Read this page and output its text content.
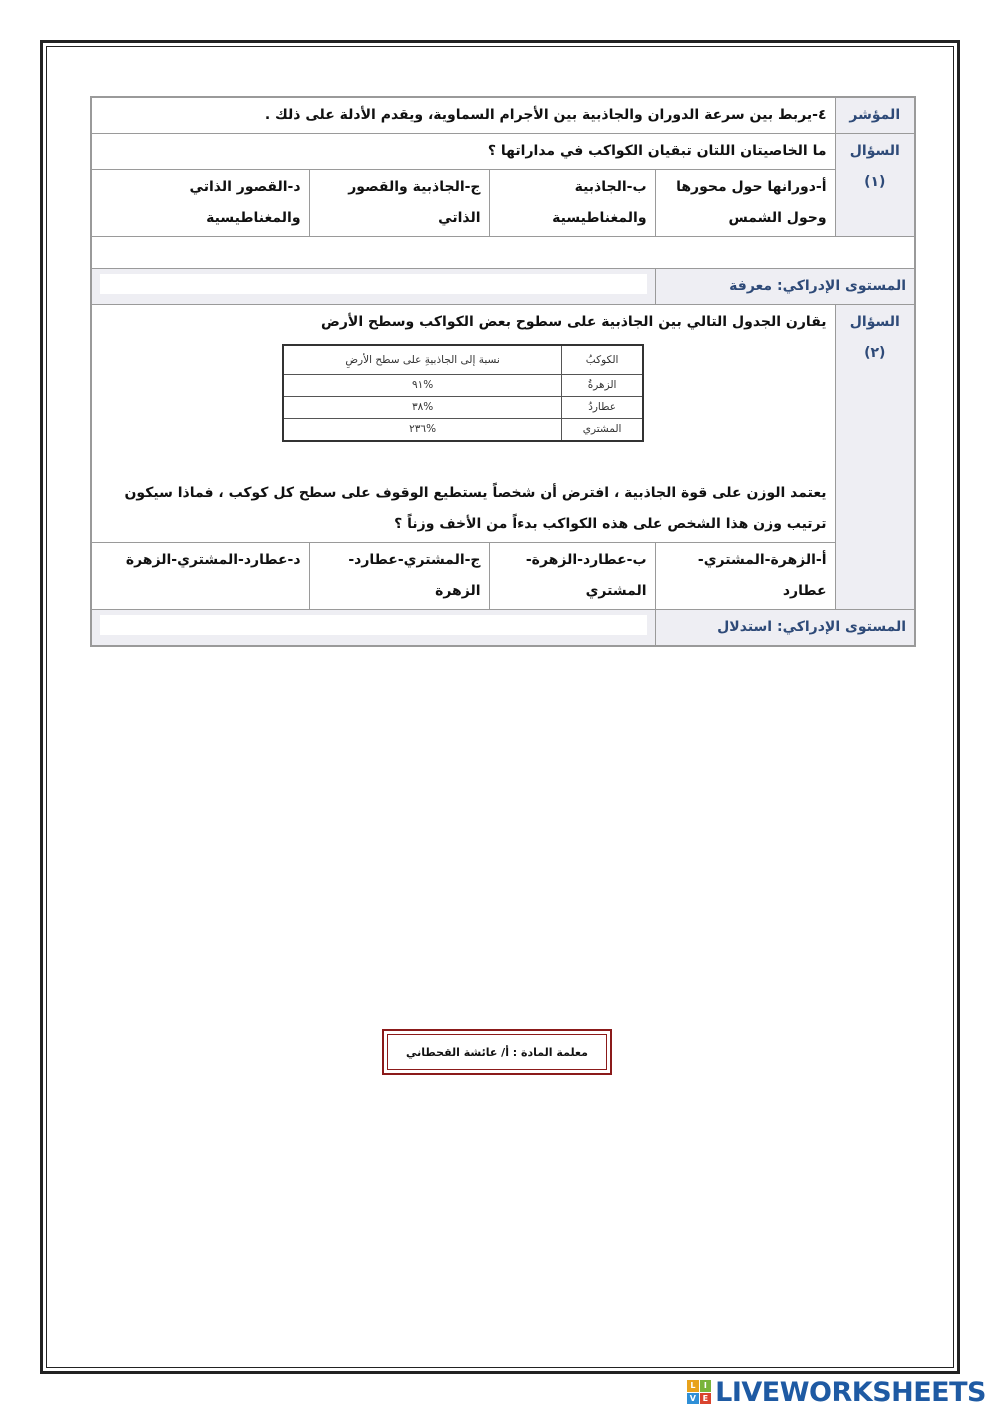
المؤشر	٤-يربط بين سرعة الدوران والجاذبية بين الأجرام السماوية، ويقدم الأدلة على ذلك .

السؤال
(١)
	ما الخاصيتان اللتان تبقيان الكواكب في مداراتها ؟
أ-دورانها حول محورها وحول الشمس	ب-الجاذبية والمغناطيسية	ج-الجاذبية والقصور الذاتي	د-القصور الذاتي والمغناطيسية

المستوى الإدراكي: معرفة	

السؤال
(٢)

يقارن الجدول التالي بين الجاذبية على سطوح بعض الكواكب وسطح الأرض
الكوكبُ	نسبة إلى الجاذبيةِ على سطح الأرضِ
الزهرةُ	%٩١
عطاردُ	%٣٨
المشتري	%٢٣٦
يعتمد الوزن على قوة الجاذبية ، افترض أن شخصاً يستطيع الوقوف على سطح كل كوكب ، فماذا سيكون ترتيب وزن هذا الشخص على هذه الكواكب بدءاً من الأخف وزناً ؟

أ-الزهرة-المشتري-عطارد	ب-عطارد-الزهرة-المشتري	ج-المشتري-عطارد-الزهرة	د-عطارد-المشتري-الزهرة
المستوى الإدراكي: استدلال	
معلمة المادة : أ/ عائشة القحطاني
L	I
V E LIVEWORKSHEETS
